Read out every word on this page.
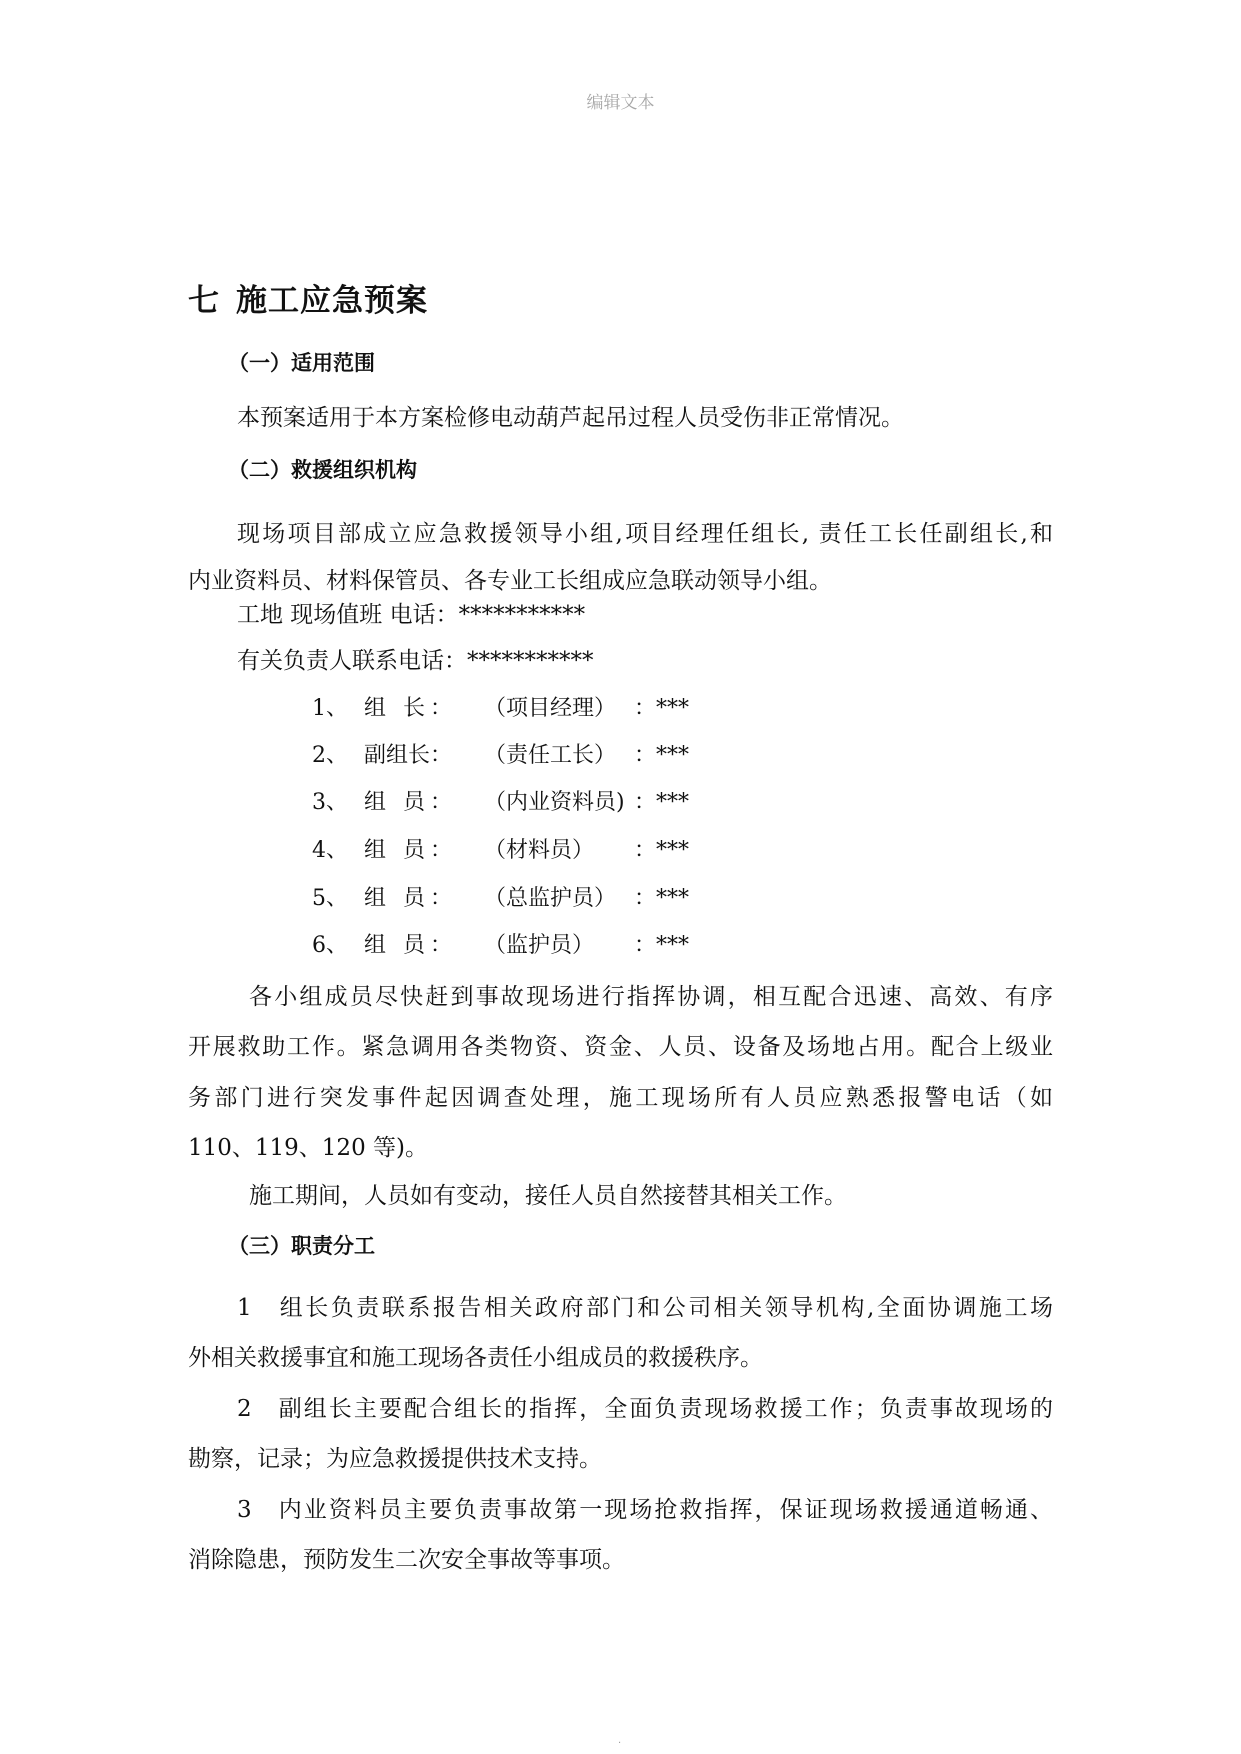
编辑文本
七 施工应急预案
（一）适用范围
本预案适用于本方案检修电动葫芦起吊过程人员受伤非正常情况。
（二）救援组织机构
现场项目部成立应急救援领导小组,项目经理任组长, 责任工长任副组长,和
内业资料员、材料保管员、各专业工长组成应急联动领导小组。
工地 现场值班 电话：***********
有关负责人联系电话：***********
1、 组 长： （项目经理） ：***
2、 副组长： （责任工长） ：***
3、 组 员： （内业资料员) ：***
4、 组 员： （材料员） ：***
5、 组 员： （总监护员） ：***
6、 组 员： （监护员） ：***
各小组成员尽快赶到事故现场进行指挥协调，相互配合迅速、高效、有序
开展救助工作。紧急调用各类物资、资金、人员、设备及场地占用。配合上级业
务部门进行突发事件起因调查处理，施工现场所有人员应熟悉报警电话（如
110、119、120 等)。
施工期间，人员如有变动，接任人员自然接替其相关工作。
（三）职责分工
1　组长负责联系报告相关政府部门和公司相关领导机构,全面协调施工场
外相关救援事宜和施工现场各责任小组成员的救援秩序。
2　副组长主要配合组长的指挥，全面负责现场救援工作；负责事故现场的
勘察，记录；为应急救援提供技术支持。
3　内业资料员主要负责事故第一现场抢救指挥，保证现场救援通道畅通、
消除隐患，预防发生二次安全事故等事项。
.
